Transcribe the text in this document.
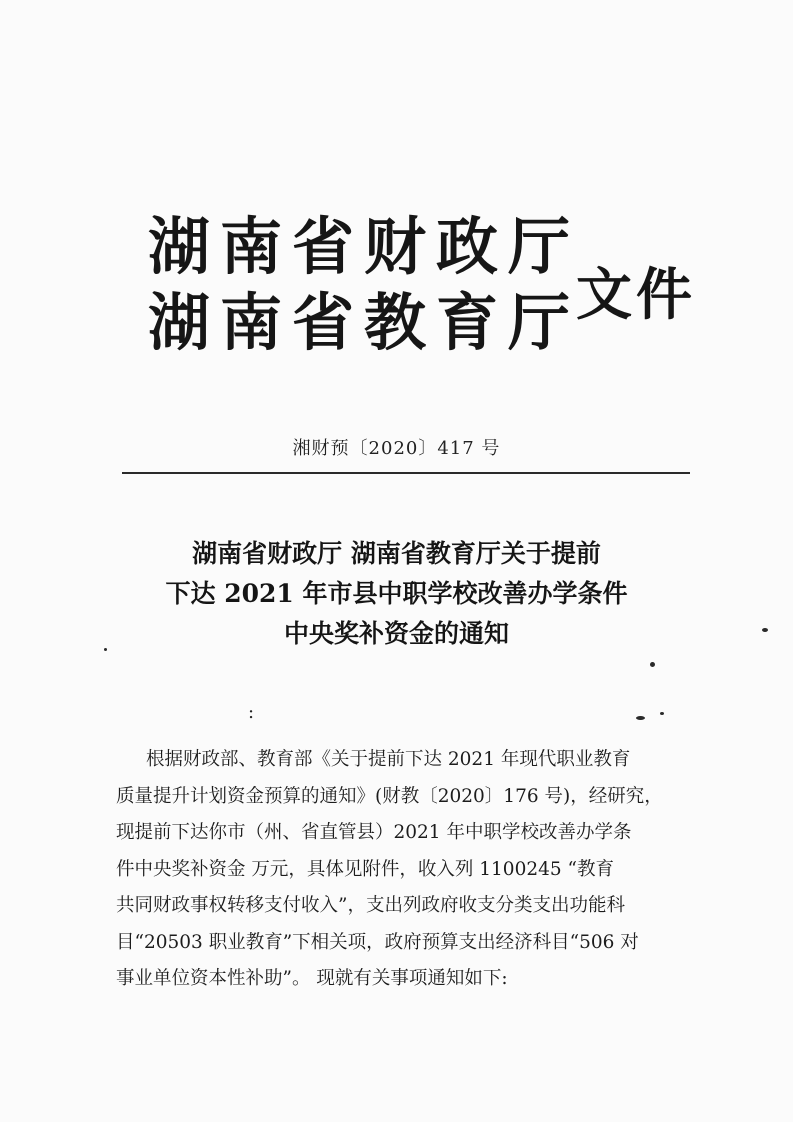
湖南省财政厅
湖南省教育厅
文件
湘财预〔2020〕417 号
湖南省财政厅 湖南省教育厅关于提前
下达 2021 年市县中职学校改善办学条件
中央奖补资金的通知
:
根据财政部、教育部《关于提前下达 2021 年现代职业教育
质量提升计划资金预算的通知》(财教〔2020〕176 号)，经研究，
现提前下达你市（州、省直管县）2021 年中职学校改善办学条
件中央奖补资金 万元，具体见附件，收入列 1100245 “教育
共同财政事权转移支付收入”，支出列政府收支分类支出功能科
目“20503 职业教育”下相关项，政府预算支出经济科目“506 对
事业单位资本性补助”。 现就有关事项通知如下:
